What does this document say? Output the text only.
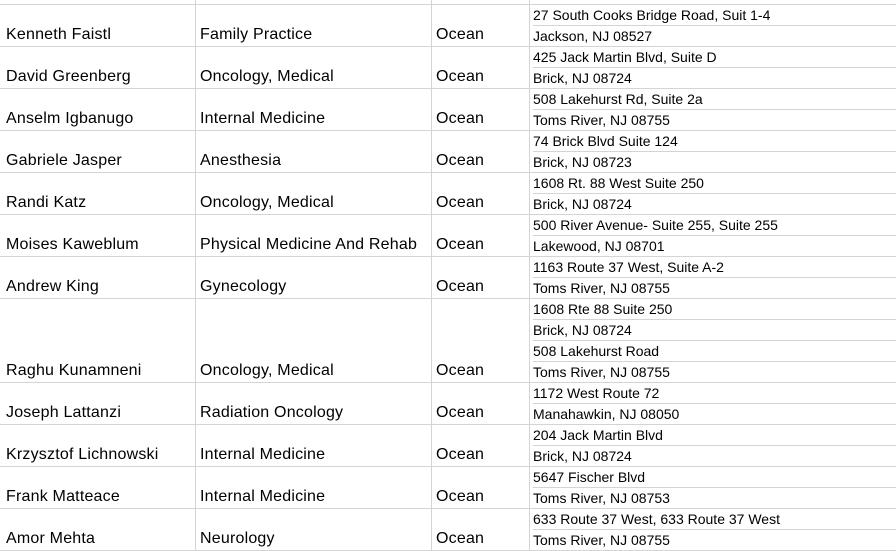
Kenneth Faistl	Family Practice	Ocean
27 South Cooks Bridge Road, Suit 1-4
Jackson, NJ 08527
David Greenberg	Oncology, Medical	Ocean
425 Jack Martin Blvd, Suite D
Brick, NJ 08724
Anselm Igbanugo	Internal Medicine	Ocean
508 Lakehurst Rd, Suite 2a
Toms River, NJ 08755
Gabriele Jasper	Anesthesia	Ocean
74 Brick Blvd Suite 124
Brick, NJ 08723
Randi Katz	Oncology, Medical	Ocean
1608 Rt. 88 West Suite 250
Brick, NJ 08724
Moises Kaweblum	Physical Medicine And Rehab	Ocean
500 River Avenue- Suite 255, Suite 255
Lakewood, NJ 08701
Andrew King	Gynecology	Ocean
1163 Route 37 West, Suite A-2
Toms River, NJ 08755
Raghu Kunamneni	Oncology, Medical	Ocean
1608 Rte 88 Suite 250
Brick, NJ 08724
508 Lakehurst Road
Toms River, NJ 08755
Joseph Lattanzi	Radiation Oncology	Ocean
1172 West Route 72
Manahawkin, NJ 08050
Krzysztof Lichnowski	Internal Medicine	Ocean
204 Jack Martin Blvd
Brick, NJ 08724
Frank Matteace	Internal Medicine	Ocean
5647 Fischer Blvd
Toms River, NJ 08753
Amor Mehta	Neurology	Ocean
633 Route 37 West, 633 Route 37 West
Toms River, NJ 08755
